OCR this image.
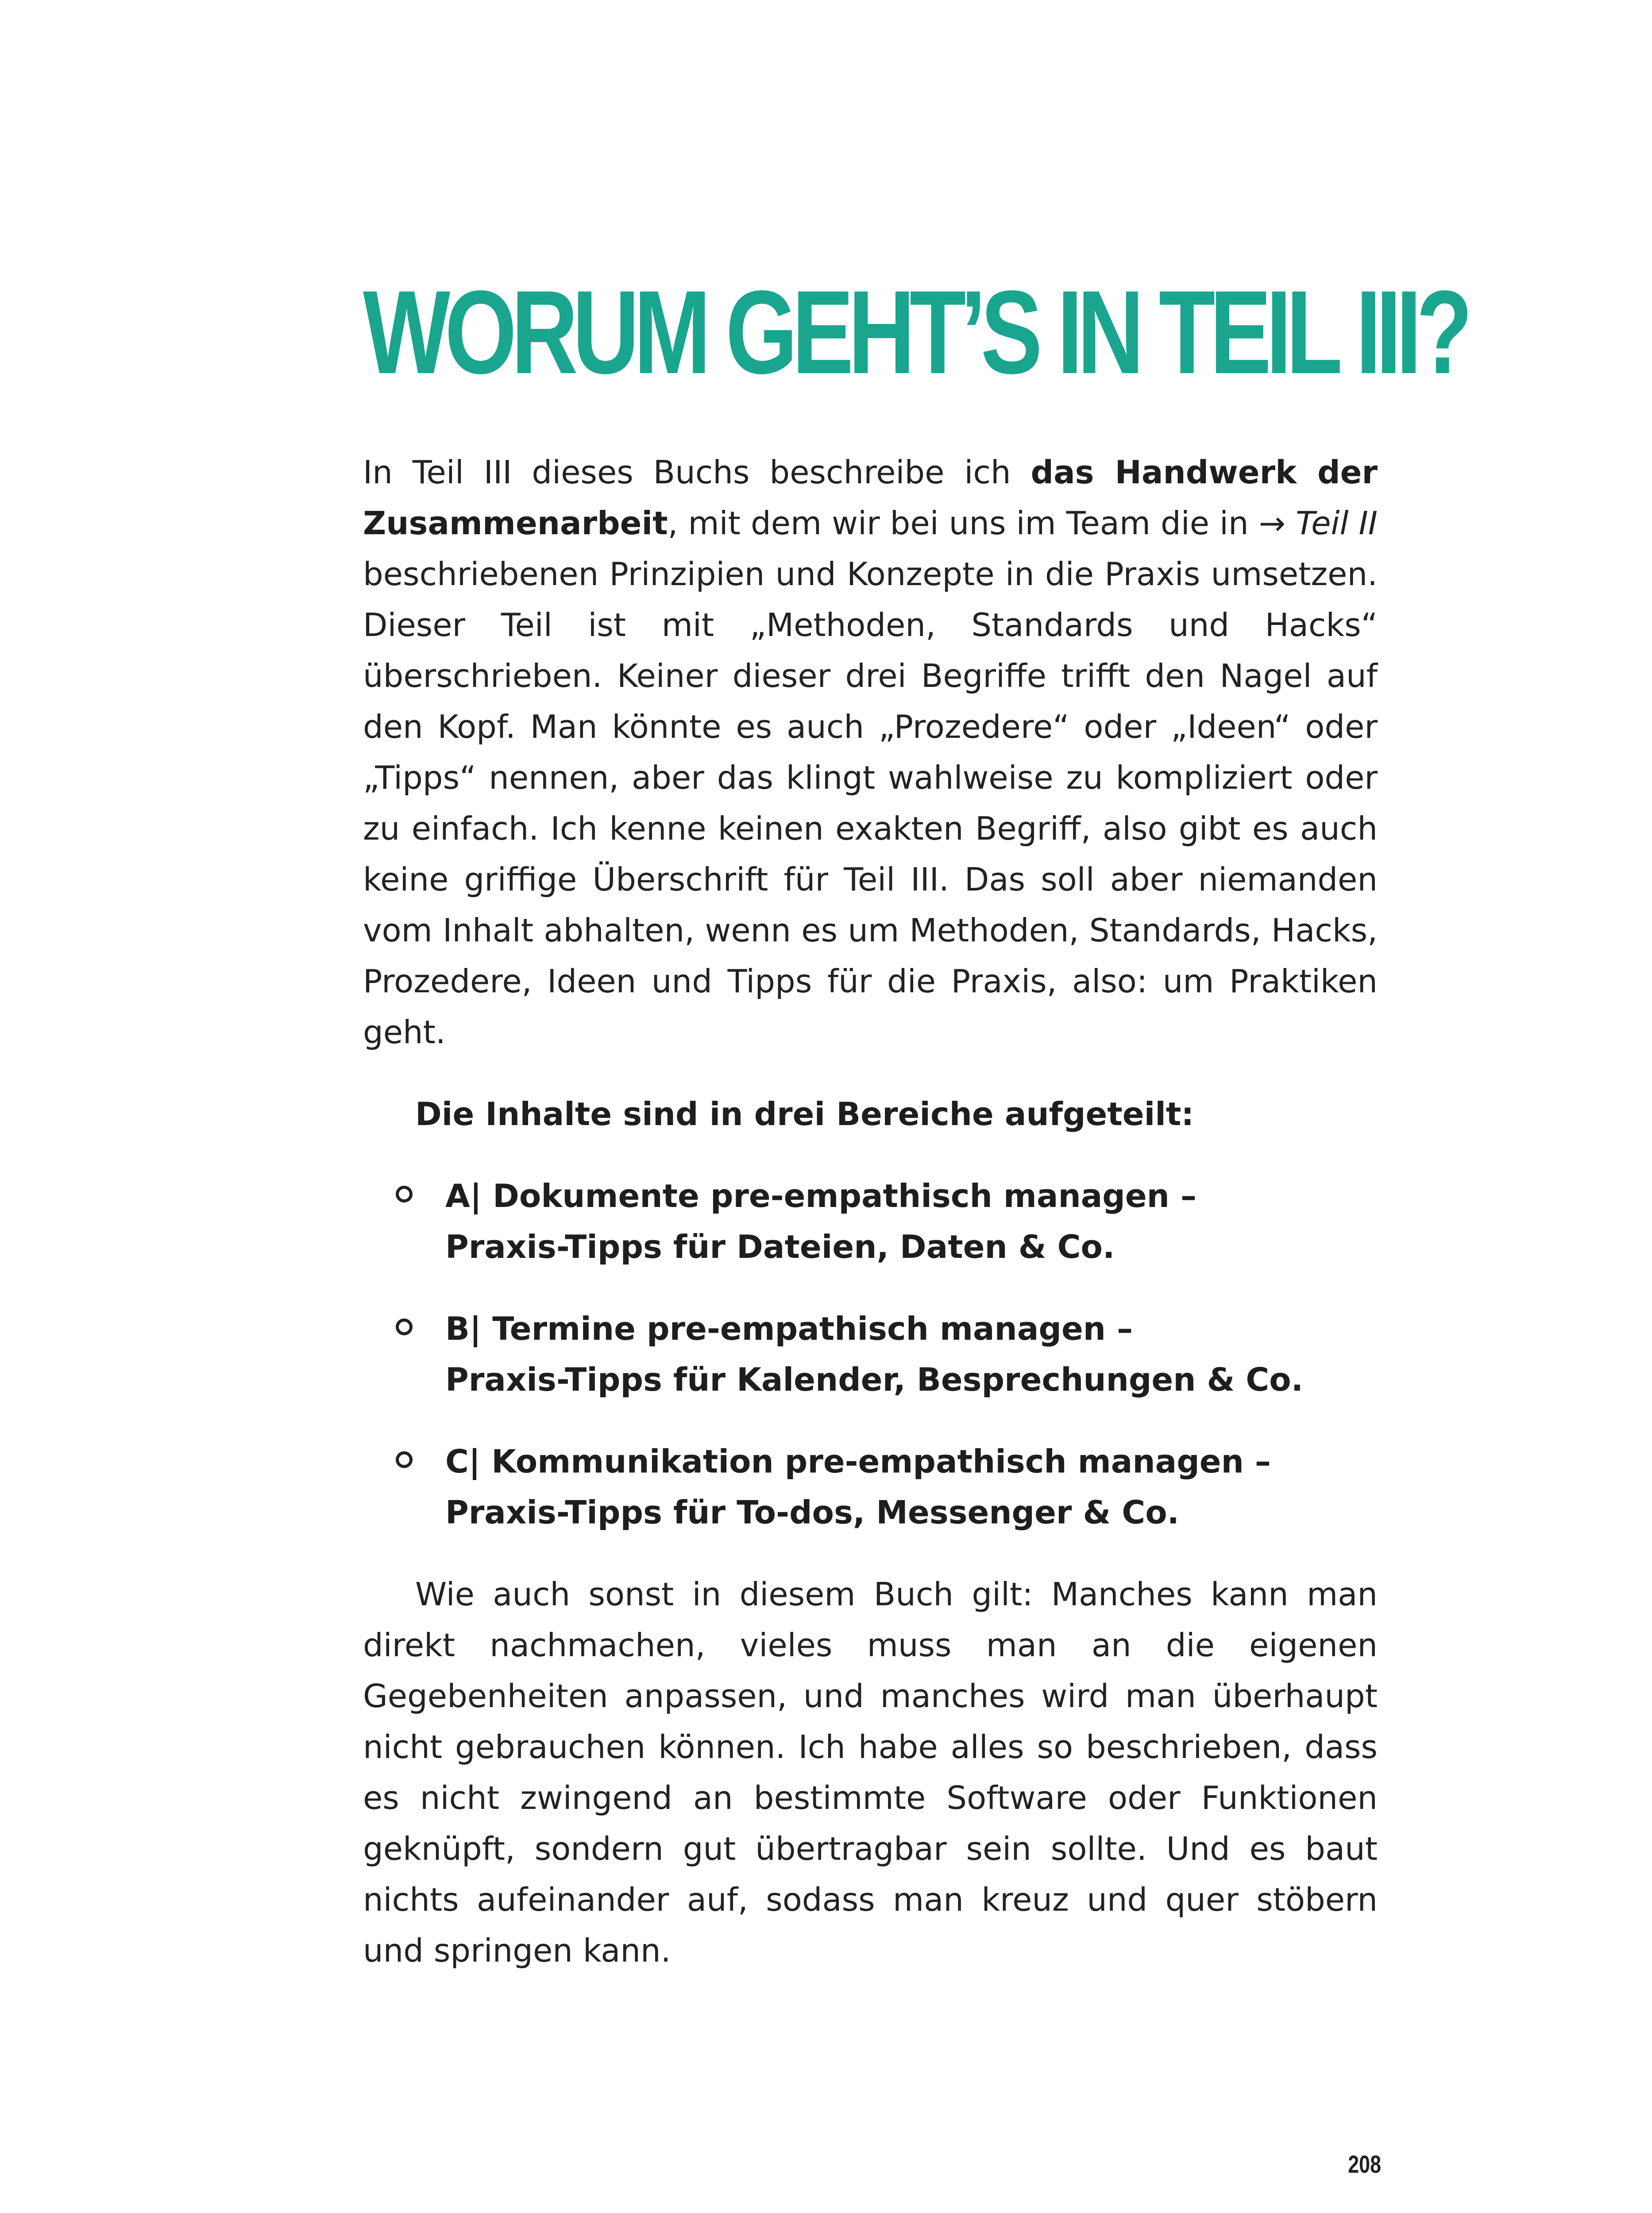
WORUM GEHT’S IN TEIL III?

In Teil III dieses Buchs beschreibe ich das Handwerk der Zusammenarbeit, mit dem wir bei uns im Team die in → Teil II beschriebenen Prinzipien und Konzepte in die Praxis umsetzen. Dieser Teil ist mit „Methoden, Standards und Hacks“ überschrieben. Keiner dieser drei Begriffe trifft den Nagel auf den Kopf. Man könnte es auch „Prozedere“ oder „Ideen“ oder „Tipps“ nennen, aber das klingt wahlweise zu kompliziert oder zu einfach. Ich kenne keinen exakten Begriff, also gibt es auch keine griffige Überschrift für Teil III. Das soll aber niemanden vom Inhalt abhalten, wenn es um Methoden, Standards, Hacks, Prozedere, Ideen und Tipps für die Praxis, also: um Praktiken geht.

Die Inhalte sind in drei Bereiche aufgeteilt:

A| Dokumente pre-empathisch managen –
Praxis-Tipps für Dateien, Daten & Co.
B| Termine pre-empathisch managen –
Praxis-Tipps für Kalender, Besprechungen & Co.
C| Kommunikation pre-empathisch managen –
Praxis-Tipps für To-dos, Messenger & Co.

Wie auch sonst in diesem Buch gilt: Manches kann man direkt nachmachen, vieles muss man an die eigenen Gegebenheiten anpassen, und manches wird man überhaupt nicht gebrauchen können. Ich habe alles so beschrieben, dass es nicht zwingend an bestimmte Software oder Funktionen geknüpft, sondern gut übertragbar sein sollte. Und es baut nichts aufeinander auf, sodass man kreuz und quer stöbern und springen kann.

208
